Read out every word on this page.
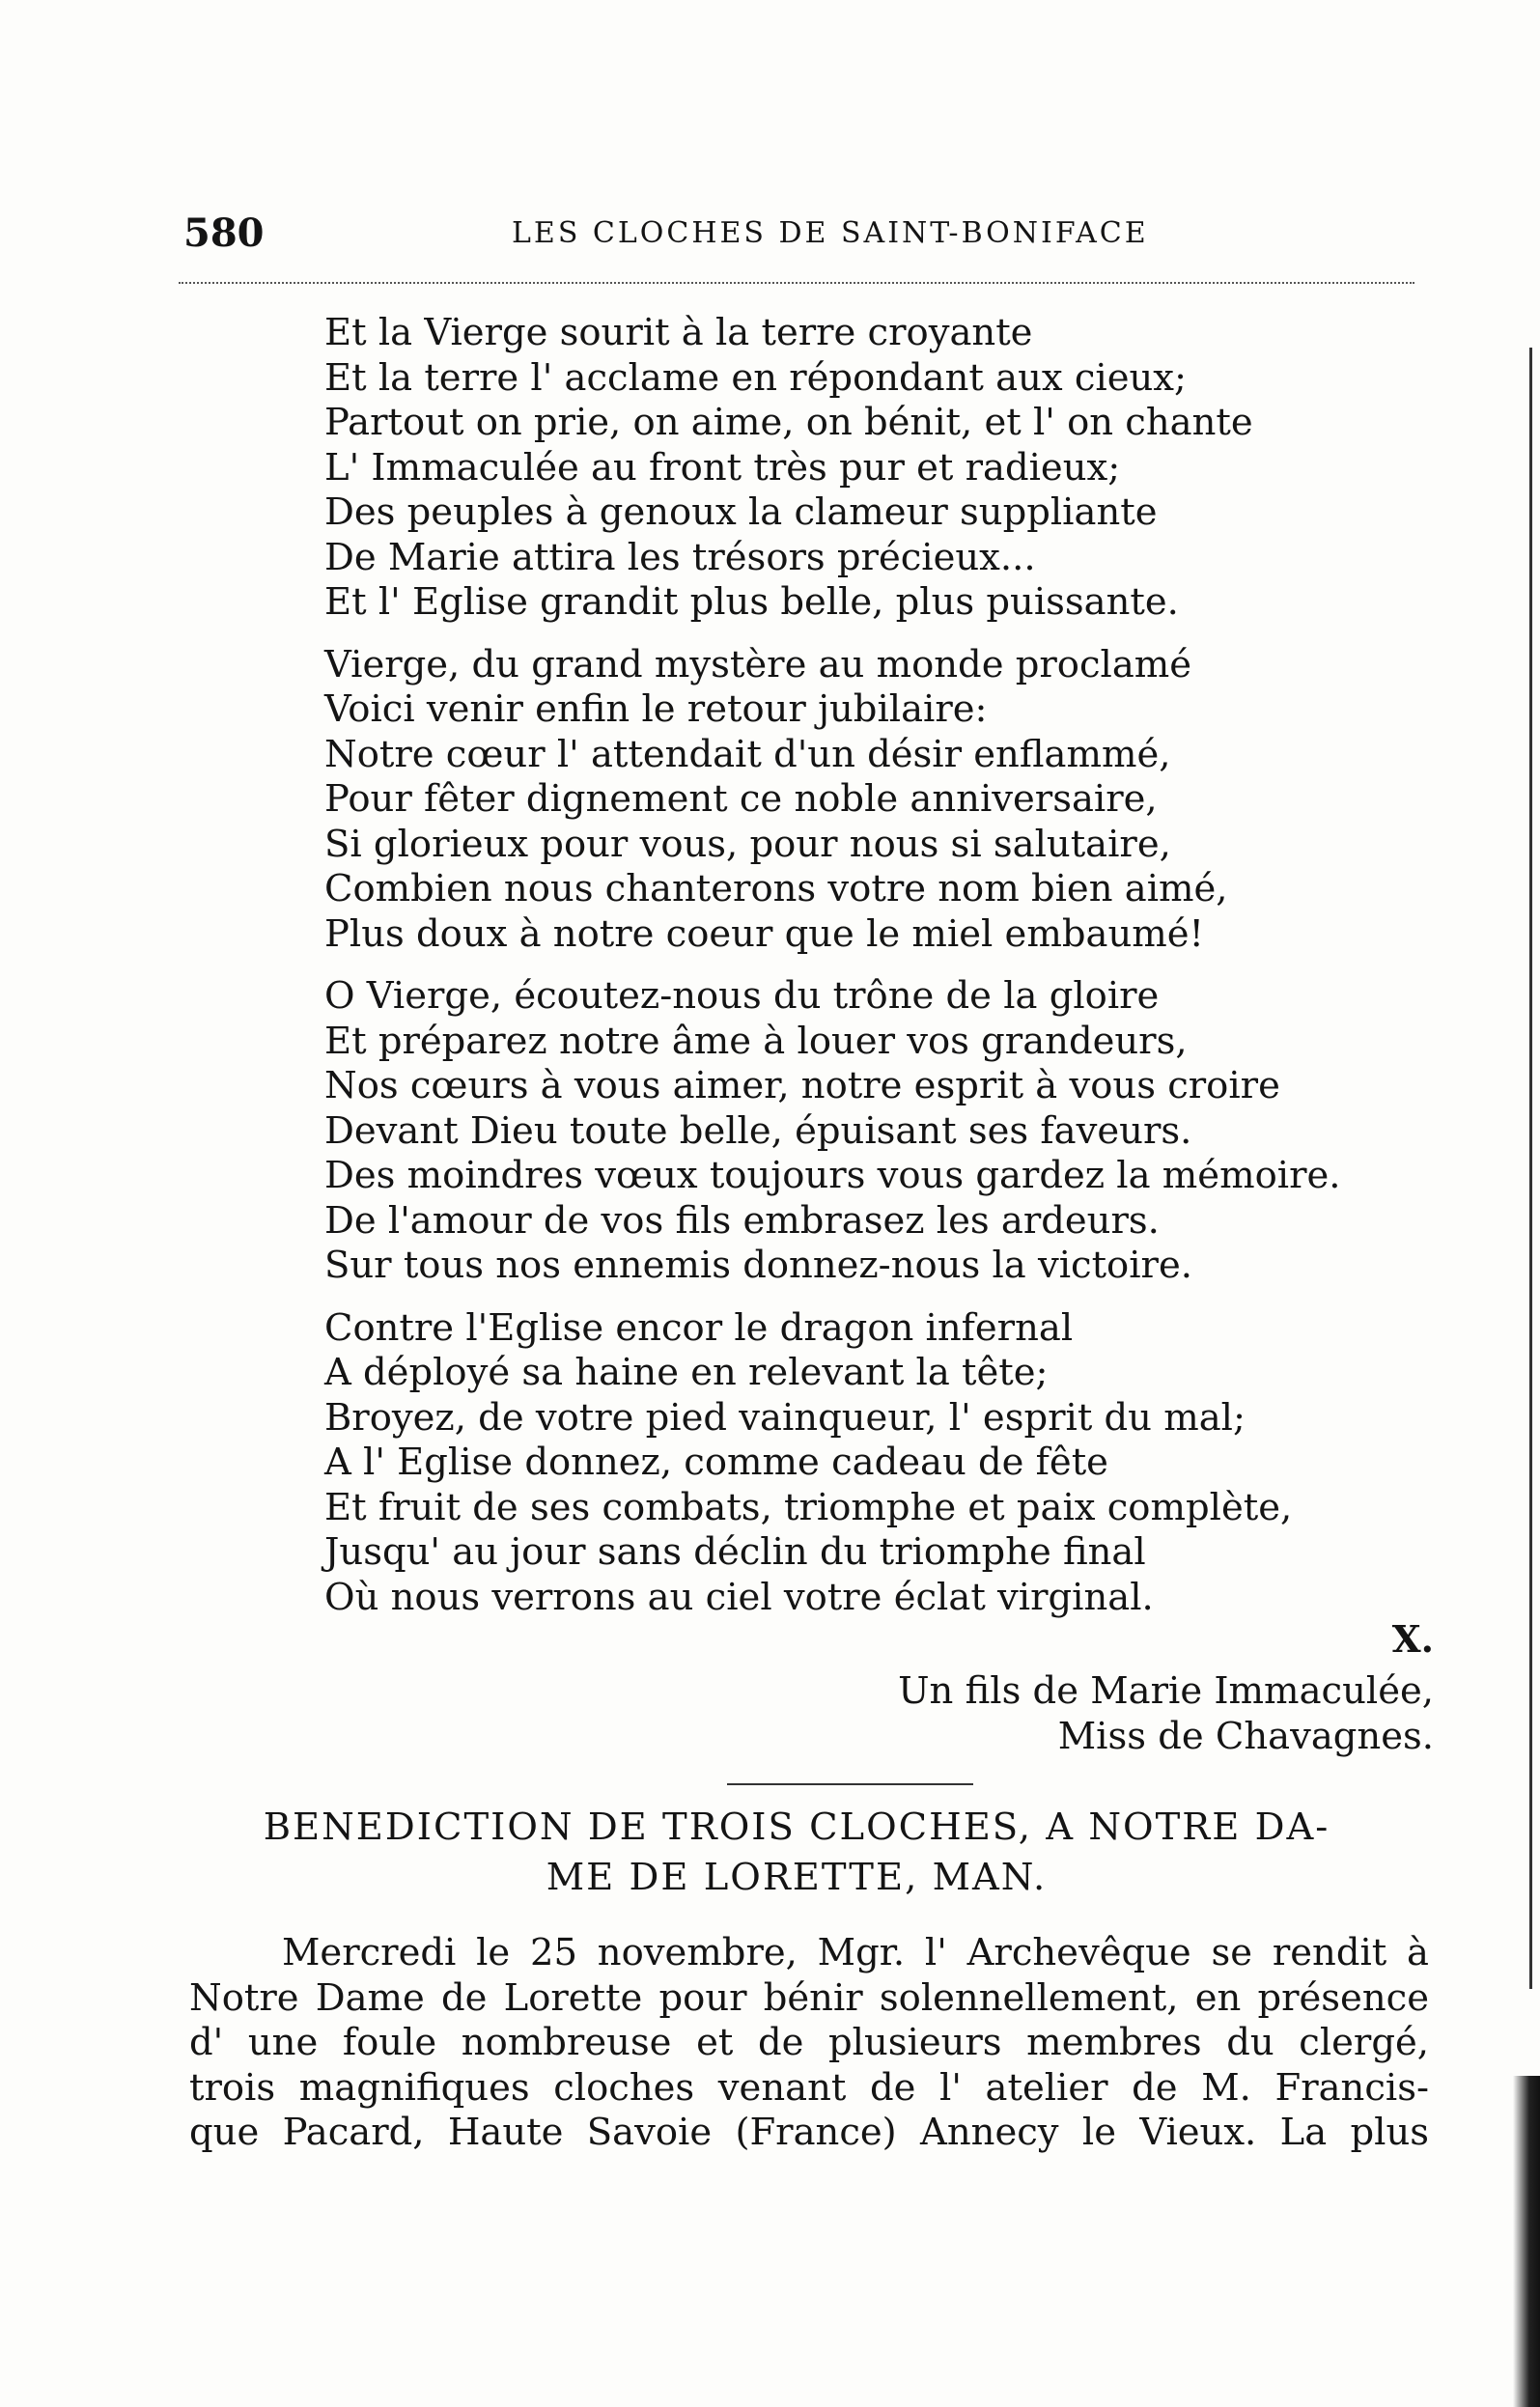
580	LES CLOCHES DE SAINT-BONIFACE
Et la Vierge sourit à la terre croyante
Et la terre l' acclame en répondant aux cieux;
Partout on prie, on aime, on bénit, et l' on chante
L' Immaculée au front très pur et radieux;
Des peuples à genoux la clameur suppliante
De Marie attira les trésors précieux...
Et l' Eglise grandit plus belle, plus puissante.
Vierge, du grand mystère au monde proclamé
Voici venir enfin le retour jubilaire:
Notre cœur l' attendait d'un désir enflammé,
Pour fêter dignement ce noble anniversaire,
Si glorieux pour vous, pour nous si salutaire,
Combien nous chanterons votre nom bien aimé,
Plus doux à notre coeur que le miel embaumé!
O Vierge, écoutez-nous du trône de la gloire
Et préparez notre âme à louer vos grandeurs,
Nos cœurs à vous aimer, notre esprit à vous croire
Devant Dieu toute belle, épuisant ses faveurs.
Des moindres vœux toujours vous gardez la mémoire.
De l'amour de vos fils embrasez les ardeurs.
Sur tous nos ennemis donnez-nous la victoire.
Contre l'Eglise encor le dragon infernal
A déployé sa haine en relevant la tête;
Broyez, de votre pied vainqueur, l' esprit du mal;
A l' Eglise donnez, comme cadeau de fête
Et fruit de ses combats, triomphe et paix complète,
Jusqu' au jour sans déclin du triomphe final
Où nous verrons au ciel votre éclat virginal.
X.
Un fils de Marie Immaculée,
Miss de Chavagnes.
BENEDICTION DE TROIS CLOCHES, A NOTRE DA-
ME DE LORETTE, MAN.
Mercredi le 25 novembre, Mgr. l' Archevêque se rendit à
Notre Dame de Lorette pour bénir solennellement, en présence
d' une foule nombreuse et de plusieurs membres du clergé,
trois magnifiques cloches venant de l' atelier de M. Francis-
que Pacard, Haute Savoie (France) Annecy le Vieux. La plus
